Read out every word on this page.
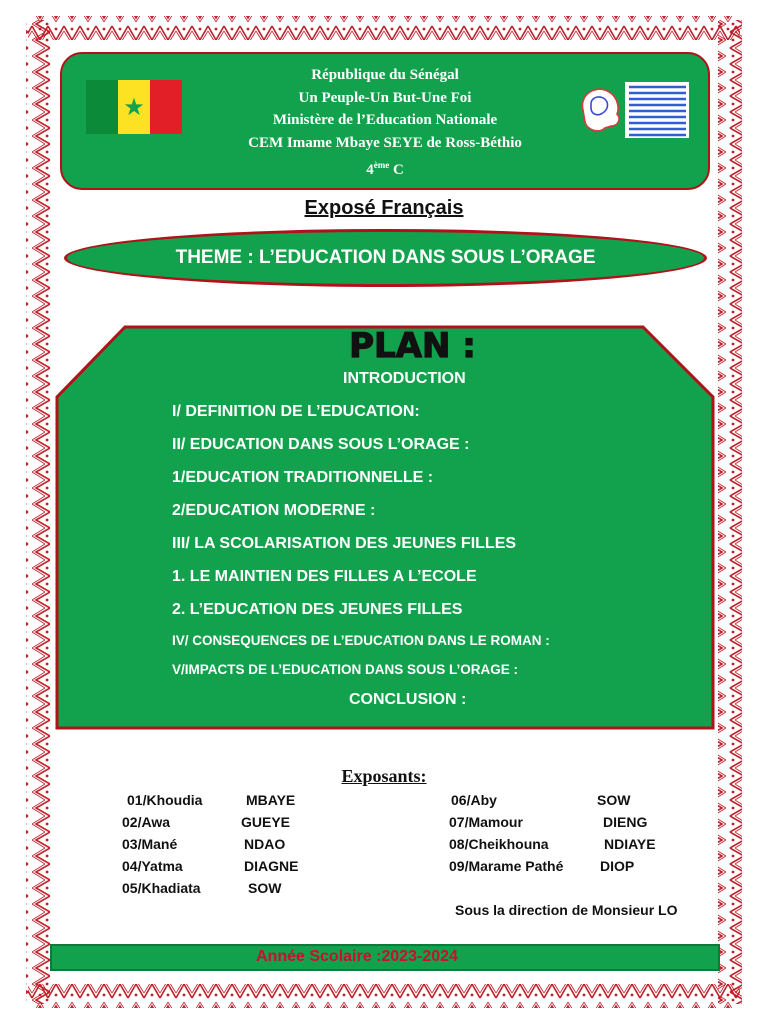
★
République du Sénégal
Un Peuple-Un But-Une Foi
Ministère de l’Education Nationale
CEM Imame Mbaye SEYE de Ross-Béthio
4ème C
Exposé Français
THEME : L’EDUCATION DANS SOUS L’ORAGE
PLAN :
INTRODUCTION
I/ DEFINITION DE L’EDUCATION:
II/ EDUCATION DANS SOUS L’ORAGE :
1/EDUCATION TRADITIONNELLE :
2/EDUCATION MODERNE :
III/ LA SCOLARISATION DES JEUNES FILLES
1. LE MAINTIEN DES FILLES A L’ECOLE
2. L’EDUCATION DES JEUNES FILLES
IV/ CONSEQUENCES DE L’EDUCATION DANS LE ROMAN :
V/IMPACTS DE L’EDUCATION DANS SOUS L’ORAGE :
CONCLUSION :
Exposants:
01/Khoudia	MBAYE
02/Awa	GUEYE
03/Mané	NDAO
04/Yatma	DIAGNE
05/Khadiata	SOW
06/Aby	SOW
07/Mamour	DIENG
08/Cheikhouna	NDIAYE
09/Marame Pathé	DIOP
Sous la direction de Monsieur LO
Année Scolaire :2023-2024
